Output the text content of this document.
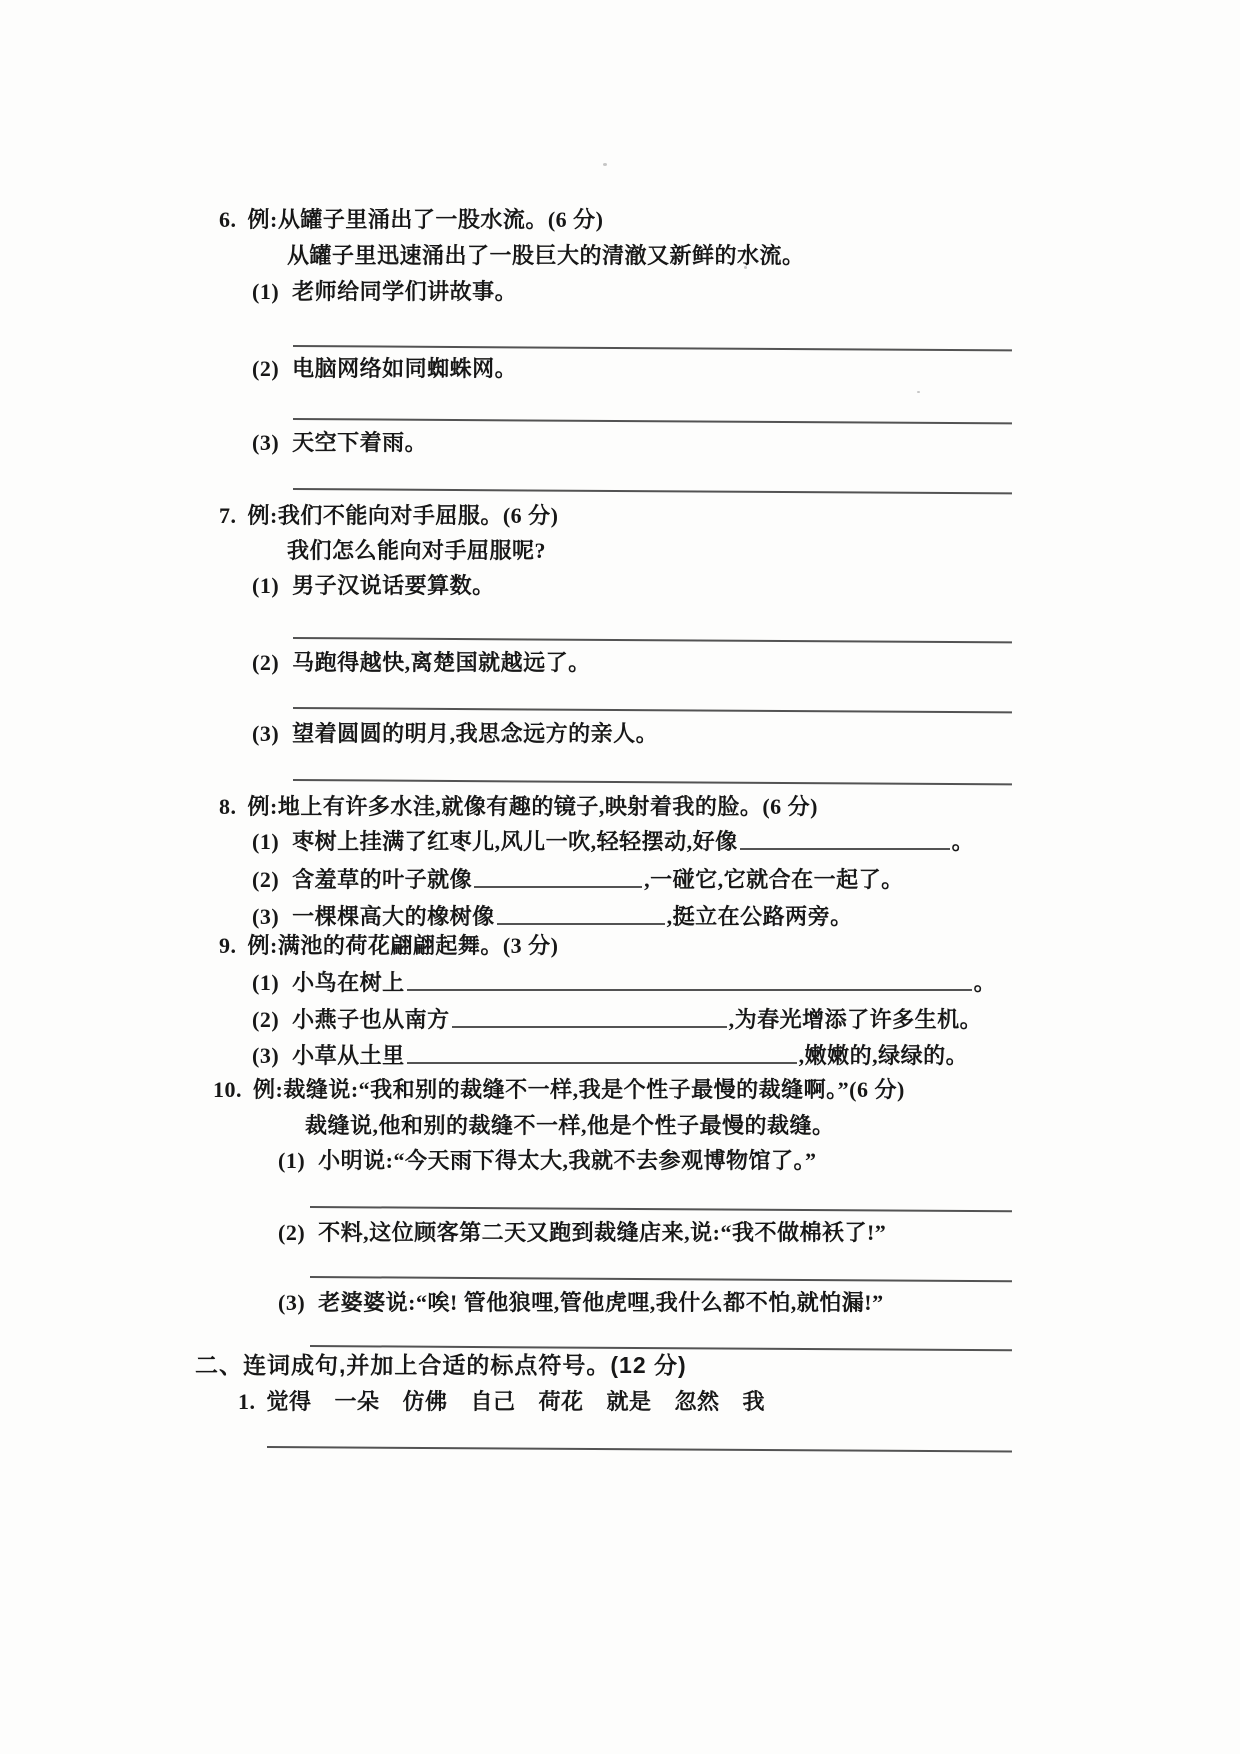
6. 例:从罐子里涌出了一股水流。(6 分)
从罐子里迅速涌出了一股巨大的清澈又新鲜的水流。
(1) 老师给同学们讲故事。
(2) 电脑网络如同蜘蛛网。
(3) 天空下着雨。
7. 例:我们不能向对手屈服。(6 分)
我们怎么能向对手屈服呢?
(1) 男子汉说话要算数。
(2) 马跑得越快,离楚国就越远了。
(3) 望着圆圆的明月,我思念远方的亲人。
8. 例:地上有许多水洼,就像有趣的镜子,映射着我的脸。(6 分)
(1) 枣树上挂满了红枣儿,风儿一吹,轻轻摆动,好像	。
(2) 含羞草的叶子就像	,一碰它,它就合在一起了。
(3) 一棵棵高大的橡树像	,挺立在公路两旁。
9. 例:满池的荷花翩翩起舞。(3 分)
(1) 小鸟在树上	。
(2) 小燕子也从南方	,为春光增添了许多生机。
(3) 小草从土里	,嫩嫩的,绿绿的。
10. 例:裁缝说:“我和别的裁缝不一样,我是个性子最慢的裁缝啊。”(6 分)
裁缝说,他和别的裁缝不一样,他是个性子最慢的裁缝。
(1) 小明说:“今天雨下得太大,我就不去参观博物馆了。”
(2) 不料,这位顾客第二天又跑到裁缝店来,说:“我不做棉袄了!”
(3) 老婆婆说:“唉! 管他狼哩,管他虎哩,我什么都不怕,就怕漏!”
二、连词成句,并加上合适的标点符号。(12 分)
1. 觉得 一朵 仿佛 自己 荷花 就是 忽然 我
